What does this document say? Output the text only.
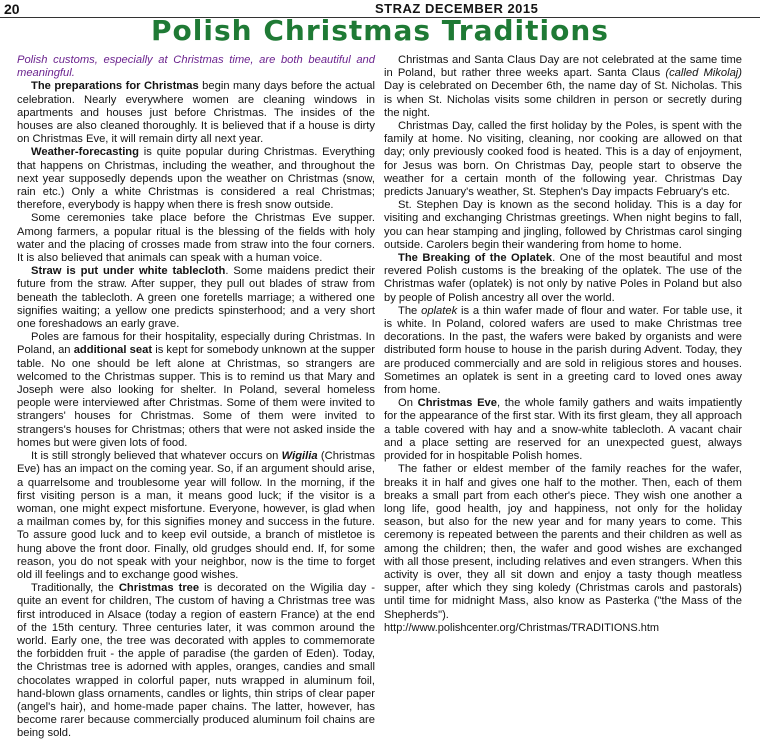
20	STRAZ DECEMBER 2015
Polish Christmas Traditions

Polish customs, especially at Christmas time, are both beautiful and meaningful.

The preparations for Christmas begin many days before the actual celebration. Nearly everywhere women are cleaning windows in apartments and houses just before Christmas. The insides of the houses are also cleaned thoroughly. It is believed that if a house is dirty on Christmas Eve, it will remain dirty all next year.

Weather-forecasting is quite popular during Christmas. Everything that happens on Christmas, including the weather, and throughout the next year supposedly depends upon the weather on Christmas (snow, rain etc.) Only a white Christmas is considered a real Christmas; therefore, everybody is happy when there is fresh snow outside.

Some ceremonies take place before the Christmas Eve supper. Among farmers, a popular ritual is the blessing of the fields with holy water and the placing of crosses made from straw into the four corners. It is also believed that animals can speak with a human voice.

Straw is put under white tablecloth. Some maidens predict their future from the straw. After supper, they pull out blades of straw from beneath the tablecloth. A green one foretells marriage; a withered one signifies waiting; a yellow one predicts spinsterhood; and a very short one foreshadows an early grave.

Poles are famous for their hospitality, especially during Christmas. In Poland, an additional seat is kept for somebody unknown at the supper table. No one should be left alone at Christmas, so strangers are welcomed to the Christmas supper. This is to remind us that Mary and Joseph were also looking for shelter. In Poland, several homeless people were interviewed after Christmas. Some of them were invited to strangers' houses for Christmas. Some of them were invited to strangers's houses for Christmas; others that were not asked inside the homes but were given lots of food.

It is still strongly believed that whatever occurs on Wigilia (Christmas Eve) has an impact on the coming year. So, if an argument should arise, a quarrelsome and troublesome year will follow. In the morning, if the first visiting person is a man, it means good luck; if the visitor is a woman, one might expect misfortune. Everyone, however, is glad when a mailman comes by, for this signifies money and success in the future. To assure good luck and to keep evil outside, a branch of mistletoe is hung above the front door. Finally, old grudges should end. If, for some reason, you do not speak with your neighbor, now is the time to forget old ill feelings and to exchange good wishes.

Traditionally, the Christmas tree is decorated on the Wigilia day - quite an event for children, The custom of having a Christmas tree was first introduced in Alsace (today a region of eastern France) at the end of the 15th century. Three centuries later, it was common around the world. Early one, the tree was decorated with apples to commemorate the forbidden fruit - the apple of paradise (the garden of Eden). Today, the Christmas tree is adorned with apples, oranges, candies and small chocolates wrapped in colorful paper, nuts wrapped in aluminum foil, hand-blown glass ornaments, candles or lights, thin strips of clear paper (angel's hair), and home-made paper chains. The latter, however, has become rarer because commercially produced aluminum foil chains are being sold.

Christmas and Santa Claus Day are not celebrated at the same time in Poland, but rather three weeks apart. Santa Claus (called Mikolaj) Day is celebrated on December 6th, the name day of St. Nicholas. This is when St. Nicholas visits some children in person or secretly during the night.

Christmas Day, called the first holiday by the Poles, is spent with the family at home. No visiting, cleaning, nor cooking are allowed on that day; only previously cooked food is heated. This is a day of enjoyment, for Jesus was born. On Christmas Day, people start to observe the weather for a certain month of the following year. Christmas Day predicts January's weather, St. Stephen's Day impacts February's etc.

St. Stephen Day is known as the second holiday. This is a day for visiting and exchanging Christmas greetings. When night begins to fall, you can hear stamping and jingling, followed by Christmas carol singing outside. Carolers begin their wandering from home to home.

The Breaking of the Oplatek. One of the most beautiful and most revered Polish customs is the breaking of the oplatek. The use of the Christmas wafer (oplatek) is not only by native Poles in Poland but also by people of Polish ancestry all over the world.

The oplatek is a thin wafer made of flour and water. For table use, it is white. In Poland, colored wafers are used to make Christmas tree decorations. In the past, the wafers were baked by organists and were distributed form house to house in the parish during Advent. Today, they are produced commercially and are sold in religious stores and houses. Sometimes an oplatek is sent in a greeting card to loved ones away from home.

On Christmas Eve, the whole family gathers and waits impatiently for the appearance of the first star. With its first gleam, they all approach a table covered with hay and a snow-white tablecloth. A vacant chair and a place setting are reserved for an unexpected guest, always provided for in hospitable Polish homes.

The father or eldest member of the family reaches for the wafer, breaks it in half and gives one half to the mother. Then, each of them breaks a small part from each other's piece. They wish one another a long life, good health, joy and happiness, not only for the holiday season, but also for the new year and for many years to come. This ceremony is repeated between the parents and their children as well as among the children; then, the wafer and good wishes are exchanged with all those present, including relatives and even strangers. When this activity is over, they all sit down and enjoy a tasty though meatless supper, after which they sing koledy (Christmas carols and pastorals) until time for midnight Mass, also know as Pasterka ("the Mass of the Shepherds").

http://www.polishcenter.org/Christmas/TRADITIONS.htm
